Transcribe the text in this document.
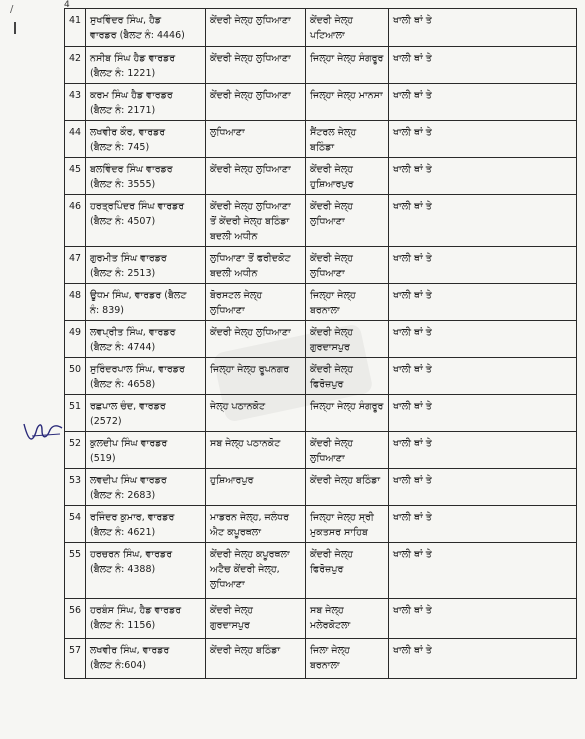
4
/
41	ਸੁਖਵਿੰਦਰ ਸਿੰਘ, ਹੈਡ
ਵਾਰਡਰ (ਬੈਲਟ ਨੰ: 4446)	ਕੇਂਦਰੀ ਜੇਲ੍ਹ ਲੁਧਿਆਣਾ	ਕੇਂਦਰੀ ਜੇਲ੍ਹ
ਪਟਿਆਲਾ	ਖਾਲੀ ਥਾਂ ਤੇ
42	ਨਸੀਬ ਸਿੰਘ ਹੈਡ ਵਾਰਡਰ
(ਬੈਲਟ ਨੰ: 1221)	ਕੇਂਦਰੀ ਜੇਲ੍ਹ ਲੁਧਿਆਣਾ	ਜਿਲ੍ਹਾ ਜੇਲ੍ਹ ਸੰਗਰੂਰ	ਖਾਲੀ ਥਾਂ ਤੇ
43	ਕਰਮ ਸਿੰਘ ਹੈਡ ਵਾਰਡਰ
(ਬੈਲਟ ਨੰ: 2171)	ਕੇਂਦਰੀ ਜੇਲ੍ਹ ਲੁਧਿਆਣਾ	ਜਿਲ੍ਹਾ ਜੇਲ੍ਹ ਮਾਨਸਾ	ਖਾਲੀ ਥਾਂ ਤੇ
44	ਲਖਵੀਰ ਕੌਰ, ਵਾਰਡਰ
(ਬੈਲਟ ਨੰ: 745)	ਲੁਧਿਆਣਾ	ਸੈਂਟਰਲ ਜੇਲ੍ਹ
ਬਠਿੰਡਾ	ਖਾਲੀ ਥਾਂ ਤੇ
45	ਬਲਵਿੰਦਰ ਸਿੰਘ ਵਾਰਡਰ
(ਬੈਲਟ ਨੰ: 3555)	ਕੇਂਦਰੀ ਜੇਲ੍ਹ ਲੁਧਿਆਣਾ	ਕੇਂਦਰੀ ਜੇਲ੍ਹ
ਹੁਸ਼ਿਆਰਪੁਰ	ਖਾਲੀ ਥਾਂ ਤੇ
46	ਹਰਤ੍ਰਪਿੰਦਰ ਸਿੰਘ ਵਾਰਡਰ
(ਬੈਲਟ ਨੰ: 4507)	ਕੇਂਦਰੀ ਜੇਲ੍ਹ ਲੁਧਿਆਣਾ
ਤੋਂ ਕੇਂਦਰੀ ਜੇਲ੍ਹ ਬਠਿੰਡਾ
ਬਦਲੀ ਅਧੀਨ	ਕੇਂਦਰੀ ਜੇਲ੍ਹ
ਲੁਧਿਆਣਾ	ਖਾਲੀ ਥਾਂ ਤੇ
47	ਗੁਰਮੀਤ ਸਿੰਘ ਵਾਰਡਰ
(ਬੈਲਟ ਨੰ: 2513)	ਲੁਧਿਆਣਾ ਤੋਂ ਫਰੀਦਕੋਟ
ਬਦਲੀ ਅਧੀਨ	ਕੇਂਦਰੀ ਜੇਲ੍ਹ
ਲੁਧਿਆਣਾ	ਖਾਲੀ ਥਾਂ ਤੇ
48	ਊਧਮ ਸਿੰਘ, ਵਾਰਡਰ (ਬੈਲਟ
ਨੰ: 839)	ਬੋਰਸਟਲ ਜੇਲ੍ਹ
ਲੁਧਿਆਣਾ	ਜਿਲ੍ਹਾ ਜੇਲ੍ਹ
ਬਰਨਾਲਾ	ਖਾਲੀ ਥਾਂ ਤੇ
49	ਲਵਪ੍ਰੀਤ ਸਿੰਘ, ਵਾਰਡਰ
(ਬੈਲਟ ਨੰ: 4744)	ਕੇਂਦਰੀ ਜੇਲ੍ਹ ਲੁਧਿਆਣਾ	ਕੇਂਦਰੀ ਜੇਲ੍ਹ
ਗੁਰਦਾਸਪੁਰ	ਖਾਲੀ ਥਾਂ ਤੇ
50	ਸੁਰਿੰਦਰਪਾਲ ਸਿੰਘ, ਵਾਰਡਰ
(ਬੈਲਟ ਨੰ: 4658)	ਜਿਲ੍ਹਾ ਜੇਲ੍ਹ ਰੂਪਨਗਰ	ਕੇਂਦਰੀ ਜੇਲ੍ਹ
ਫਿਰੋਜ਼ਪੁਰ	ਖਾਲੀ ਥਾਂ ਤੇ
51	ਰਛਪਾਲ ਚੰਦ, ਵਾਰਡਰ
(2572)	ਜੇਲ੍ਹ ਪਠਾਨਕੋਟ	ਜਿਲ੍ਹਾ ਜੇਲ੍ਹ ਸੰਗਰੂਰ	ਖਾਲੀ ਥਾਂ ਤੇ
52	ਕੁਲਦੀਪ ਸਿੰਘ ਵਾਰਡਰ
(519)	ਸਬ ਜੇਲ੍ਹ ਪਠਾਨਕੋਟ	ਕੇਂਦਰੀ ਜੇਲ੍ਹ
ਲੁਧਿਆਣਾ	ਖਾਲੀ ਥਾਂ ਤੇ
53	ਲਵਦੀਪ ਸਿੰਘ ਵਾਰਡਰ
(ਬੈਲਟ ਨੰ: 2683)	ਹੁਸ਼ਿਆਰਪੁਰ	ਕੇਂਦਰੀ ਜੇਲ੍ਹ ਬਠਿੰਡਾ	ਖਾਲੀ ਥਾਂ ਤੇ
54	ਰਜਿੰਦਰ ਕੁਮਾਰ, ਵਾਰਡਰ
(ਬੈਲਟ ਨੰ: 4621)	ਮਾਡਰਨ ਜੇਲ੍ਹ, ਜਲੰਧਰ
ਐਟ ਕਪੂਰਥਲਾ	ਜਿਲ੍ਹਾ ਜੇਲ੍ਹ ਸ੍ਰੀ
ਮੁਕਤਸਰ ਸਾਹਿਬ	ਖਾਲੀ ਥਾਂ ਤੇ
55	ਹਰਚਰਨ ਸਿੰਘ, ਵਾਰਡਰ
(ਬੈਲਟ ਨੰ: 4388)	ਕੇਂਦਰੀ ਜੇਲ੍ਹ ਕਪੂਰਥਲਾ
ਅਟੈਚ ਕੇਂਦਰੀ ਜੇਲ੍ਹ,
ਲੁਧਿਆਣਾ	ਕੇਂਦਰੀ ਜੇਲ੍ਹ
ਫਿਰੋਜ਼ਪੁਰ	ਖਾਲੀ ਥਾਂ ਤੇ
56	ਹਰਬੰਸ ਸਿੰਘ, ਹੈਡ ਵਾਰਡਰ
(ਬੈਲਟ ਨੰ: 1156)	ਕੇਂਦਰੀ ਜੇਲ੍ਹ
ਗੁਰਦਾਸਪੁਰ	ਸਬ ਜੇਲ੍ਹ
ਮਲੇਰਕੋਟਲਾ	ਖਾਲੀ ਥਾਂ ਤੇ
57	ਲਖਵੀਰ ਸਿੰਘ, ਵਾਰਡਰ
(ਬੈਲਟ ਨੰ:604)	ਕੇਂਦਰੀ ਜੇਲ੍ਹ ਬਠਿੰਡਾ	ਜਿਲਾ ਜੇਲ੍ਹ
ਬਰਨਾਲਾ	ਖਾਲੀ ਥਾਂ ਤੇ
